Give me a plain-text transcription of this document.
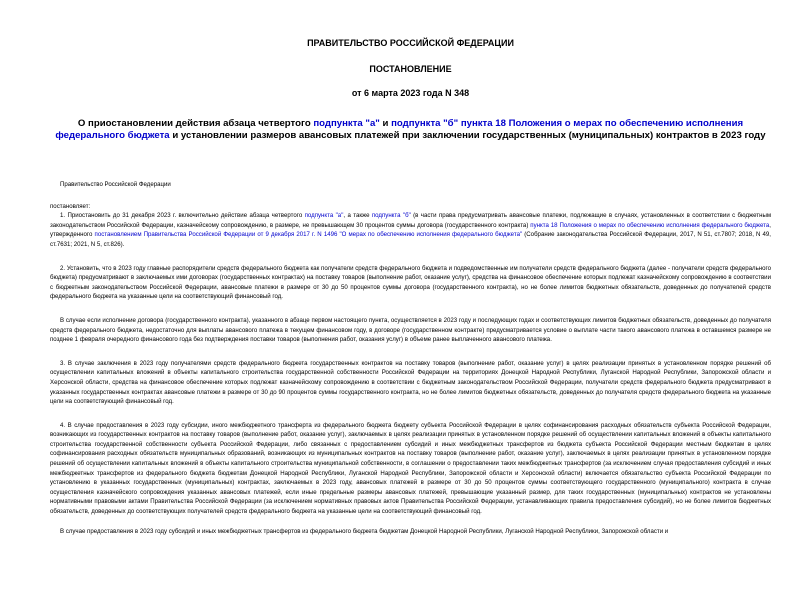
ПРАВИТЕЛЬСТВО РОССИЙСКОЙ ФЕДЕРАЦИИ
ПОСТАНОВЛЕНИЕ
от 6 марта 2023 года N 348
О приостановлении действия абзаца четвертого подпункта "а" и подпункта "б" пункта 18 Положения о мерах по обеспечению исполнения федерального бюджета и установлении размеров авансовых платежей при заключении государственных (муниципальных) контрактов в 2023 году

Правительство Российской Федерации

постановляет:

1. Приостановить до 31 декабря 2023 г. включительно действие абзаца четвертого подпункта "а", а также подпункта "б" (в части права предусматривать авансовые платежи, подлежащие в случаях, установленных в соответствии с бюджетным законодательством Российской Федерации, казначейскому сопровождению, в размере, не превышающем 30 процентов суммы договора (государственного контракта) пункта 18 Положения о мерах по обеспечению исполнения федерального бюджета, утвержденного постановлением Правительства Российской Федерации от 9 декабря 2017 г. N 1496 "О мерах по обеспечению исполнения федерального бюджета" (Собрание законодательства Российской Федерации, 2017, N 51, ст.7807; 2018, N 49, ст.7631; 2021, N 5, ст.826).

2. Установить, что в 2023 году главные распорядители средств федерального бюджета как получатели средств федерального бюджета и подведомственные им получатели средств федерального бюджета (далее - получатели средств федерального бюджета) предусматривают в заключаемых ими договорах (государственных контрактах) на поставку товаров (выполнение работ, оказание услуг), средства на финансовое обеспечение которых подлежат казначейскому сопровождению в соответствии с бюджетным законодательством Российской Федерации, авансовые платежи в размере от 30 до 50 процентов суммы договора (государственного контракта), но не более лимитов бюджетных обязательств, доведенных до получателей средств федерального бюджета на указанные цели на соответствующий финансовый год.

В случае если исполнение договора (государственного контракта), указанного в абзаце первом настоящего пункта, осуществляется в 2023 году и последующих годах и соответствующих лимитов бюджетных обязательств, доведенных до получателя средств федерального бюджета, недостаточно для выплаты авансового платежа в текущем финансовом году, в договоре (государственном контракте) предусматривается условие о выплате части такого авансового платежа в оставшемся размере не позднее 1 февраля очередного финансового года без подтверждения поставки товаров (выполнения работ, оказания услуг) в объеме ранее выплаченного авансового платежа.

3. В случае заключения в 2023 году получателями средств федерального бюджета государственных контрактов на поставку товаров (выполнение работ, оказание услуг) в целях реализации принятых в установленном порядке решений об осуществлении капитальных вложений в объекты капитального строительства государственной собственности Российской Федерации на территориях Донецкой Народной Республики, Луганской Народной Республики, Запорожской области и Херсонской области, средства на финансовое обеспечение которых подлежат казначейскому сопровождению в соответствии с бюджетным законодательством Российской Федерации, получатели средств федерального бюджета предусматривают в указанных государственных контрактах авансовые платежи в размере от 30 до 90 процентов суммы государственного контракта, но не более лимитов бюджетных обязательств, доведенных до получателя средств федерального бюджета на указанные цели на соответствующий финансовый год.

4. В случае предоставления в 2023 году субсидии, иного межбюджетного трансферта из федерального бюджета бюджету субъекта Российской Федерации в целях софинансирования расходных обязательств субъекта Российской Федерации, возникающих из государственных контрактов на поставку товаров (выполнение работ, оказание услуг), заключаемых в целях реализации принятых в установленном порядке решений об осуществлении капитальных вложений в объекты капитального строительства государственной собственности субъекта Российской Федерации, либо связанных с предоставлением субсидий и иных межбюджетных трансфертов из бюджета субъекта Российской Федерации местным бюджетам в целях софинансирования расходных обязательств муниципальных образований, возникающих из муниципальных контрактов на поставку товаров (выполнение работ, оказание услуг), заключаемых в целях реализации принятых в установленном порядке решений об осуществлении капитальных вложений в объекты капитального строительства муниципальной собственности, в соглашении о предоставлении таких межбюджетных трансфертов (за исключением случая предоставления субсидий и иных межбюджетных трансфертов из федерального бюджета бюджетам Донецкой Народной Республики, Луганской Народной Республики, Запорожской области и Херсонской области) включается обязательство субъекта Российской Федерации по установлению в указанных государственных (муниципальных) контрактах, заключаемых в 2023 году, авансовых платежей в размере от 30 до 50 процентов суммы соответствующего государственного (муниципального) контракта в случае осуществления казначейского сопровождения указанных авансовых платежей, если иные предельные размеры авансовых платежей, превышающие указанный размер, для таких государственных (муниципальных) контрактов не установлены нормативными правовыми актами Правительства Российской Федерации (за исключением нормативных правовых актов Правительства Российской Федерации, устанавливающих правила предоставления субсидий), но не более лимитов бюджетных обязательств, доведенных до соответствующих получателей средств федерального бюджета на указанные цели на соответствующий финансовый год.

В случае предоставления в 2023 году субсидий и иных межбюджетных трансфертов из федерального бюджета бюджетам Донецкой Народной Республики, Луганской Народной Республики, Запорожской области и
